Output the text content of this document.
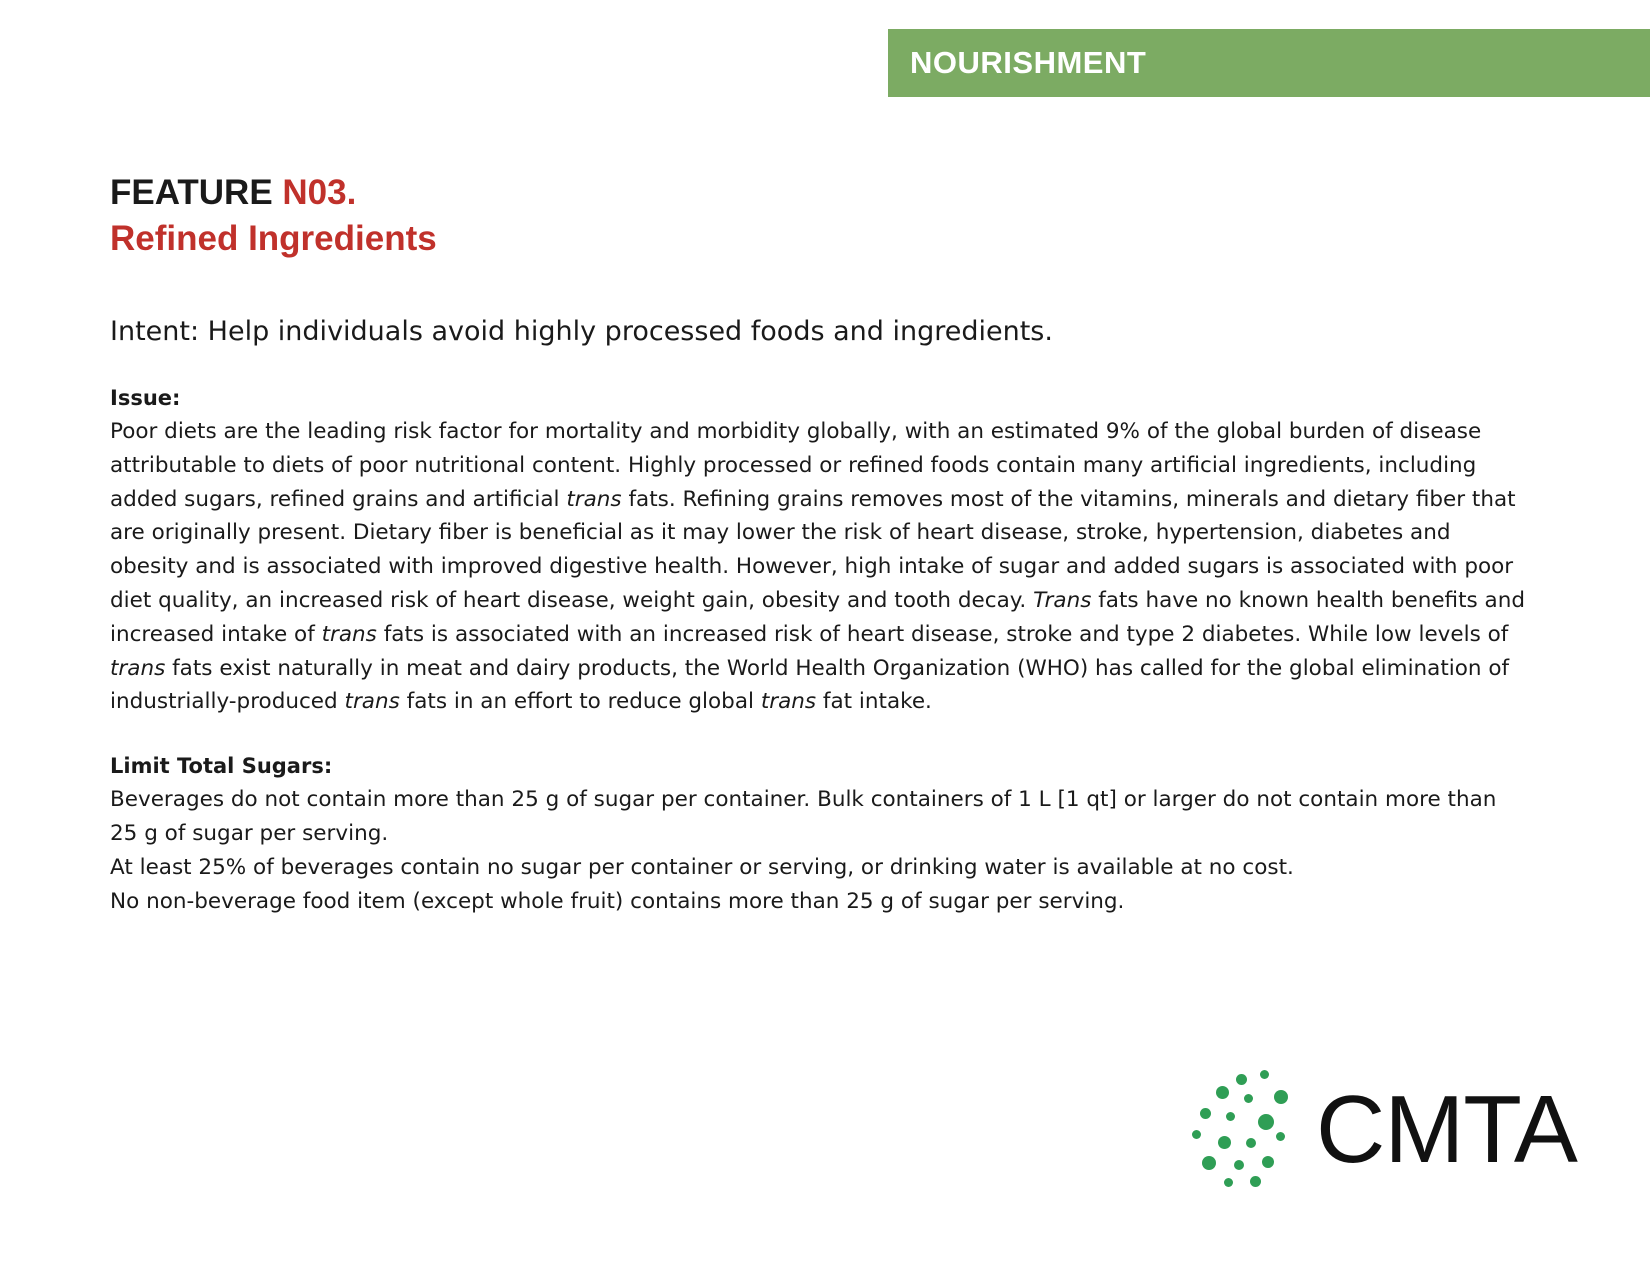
NOURISHMENT
FEATURE N03.
Refined Ingredients
Intent: Help individuals avoid highly processed foods and ingredients.
Issue:
Poor diets are the leading risk factor for mortality and morbidity globally, with an estimated 9% of the global burden of disease attributable to diets of poor nutritional content. Highly processed or refined foods contain many artificial ingredients, including added sugars, refined grains and artificial trans fats. Refining grains removes most of the vitamins, minerals and dietary fiber that are originally present. Dietary fiber is beneficial as it may lower the risk of heart disease, stroke, hypertension, diabetes and obesity and is associated with improved digestive health. However, high intake of sugar and added sugars is associated with poor diet quality, an increased risk of heart disease, weight gain, obesity and tooth decay. Trans fats have no known health benefits and increased intake of trans fats is associated with an increased risk of heart disease, stroke and type 2 diabetes. While low levels of trans fats exist naturally in meat and dairy products, the World Health Organization (WHO) has called for the global elimination of industrially-produced trans fats in an effort to reduce global trans fat intake.
Limit Total Sugars:
Beverages do not contain more than 25 g of sugar per container. Bulk containers of 1 L [1 qt] or larger do not contain more than 25 g of sugar per serving.
At least 25% of beverages contain no sugar per container or serving, or drinking water is available at no cost.
No non-beverage food item (except whole fruit) contains more than 25 g of sugar per serving.
CMTA
